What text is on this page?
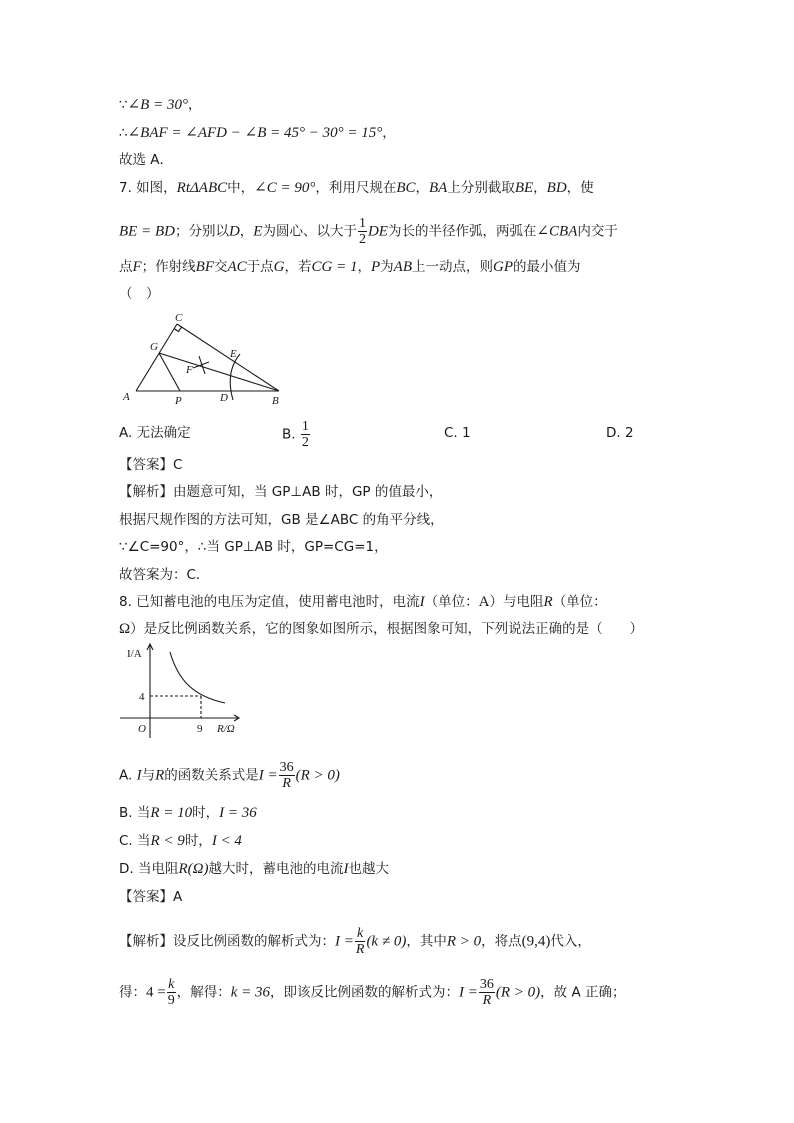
∵∠B = 30°，
∴∠BAF = ∠AFD − ∠B = 45° − 30° = 15°，
故选 A．
7. 如图，RtΔABC中，∠C = 90°，利用尺规在BC，BA上分别截取BE，BD，使
BE = BD；分别以D，E为圆心、以大于 $\frac{1}{2}$ DE为长的半径作弧，两弧在∠CBA内交于
点F；作射线BF交AC于点G，若CG = 1，P为AB上一动点，则GP的最小值为
（　）
C
G
E
F
A	P	D	B
A. 无法确定	B. $\frac{1}{2}$	C. 1	D. 2
【答案】C
【解析】由题意可知，当 GP⊥AB 时，GP 的值最小，
根据尺规作图的方法可知，GB 是∠ABC 的角平分线，
∵∠C=90°，∴当 GP⊥AB 时，GP=CG=1，
故答案为：C．
8. 已知蓄电池的电压为定值，使用蓄电池时，电流I（单位：A）与电阻R（单位：
Ω）是反比例函数关系，它的图象如图所示，根据图象可知，下列说法正确的是（　　）
I/A
4
O	9 R/Ω
A. I与R的函数关系式是$I = \frac{36}{R} (R > 0)$
B. 当R = 10时，I = 36
C. 当R < 9时，I < 4
D. 当电阻R(Ω)越大时，蓄电池的电流I也越大
【答案】A
【解析】设反比例函数的解析式为：$I = \frac{k}{R} (k \ne 0)$，其中R > 0，将点(9,4)代入，
得：$4 = \frac{k}{9}$ ，解得：k = 36，即该反比例函数的解析式为：$I = \frac{36}{R} (R > 0)$，故 A 正确；
